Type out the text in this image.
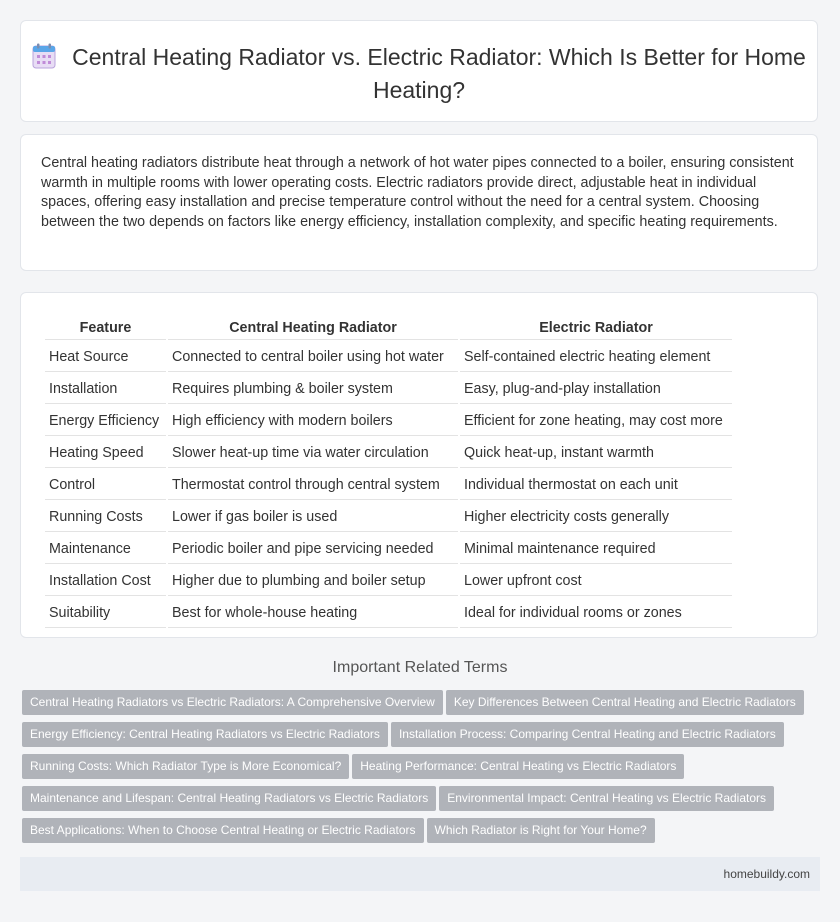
Central Heating Radiator vs. Electric Radiator: Which Is Better for Home Heating?
Central heating radiators distribute heat through a network of hot water pipes connected to a boiler, ensuring consistent warmth in multiple rooms with lower operating costs. Electric radiators provide direct, adjustable heat in individual spaces, offering easy installation and precise temperature control without the need for a central system. Choosing between the two depends on factors like energy efficiency, installation complexity, and specific heating requirements.
Feature	Central Heating Radiator	Electric Radiator
Heat Source	Connected to central boiler using hot water	Self-contained electric heating element
Installation	Requires plumbing & boiler system	Easy, plug-and-play installation
Energy Efficiency	High efficiency with modern boilers	Efficient for zone heating, may cost more
Heating Speed	Slower heat-up time via water circulation	Quick heat-up, instant warmth
Control	Thermostat control through central system	Individual thermostat on each unit
Running Costs	Lower if gas boiler is used	Higher electricity costs generally
Maintenance	Periodic boiler and pipe servicing needed	Minimal maintenance required
Installation Cost	Higher due to plumbing and boiler setup	Lower upfront cost
Suitability	Best for whole-house heating	Ideal for individual rooms or zones
Important Related Terms
Central Heating Radiators vs Electric Radiators: A Comprehensive Overview Key Differences Between Central Heating and Electric Radiators
Energy Efficiency: Central Heating Radiators vs Electric Radiators Installation Process: Comparing Central Heating and Electric Radiators
Running Costs: Which Radiator Type is More Economical? Heating Performance: Central Heating vs Electric Radiators
Maintenance and Lifespan: Central Heating Radiators vs Electric Radiators Environmental Impact: Central Heating vs Electric Radiators
Best Applications: When to Choose Central Heating or Electric Radiators Which Radiator is Right for Your Home?
homebuildy.com
